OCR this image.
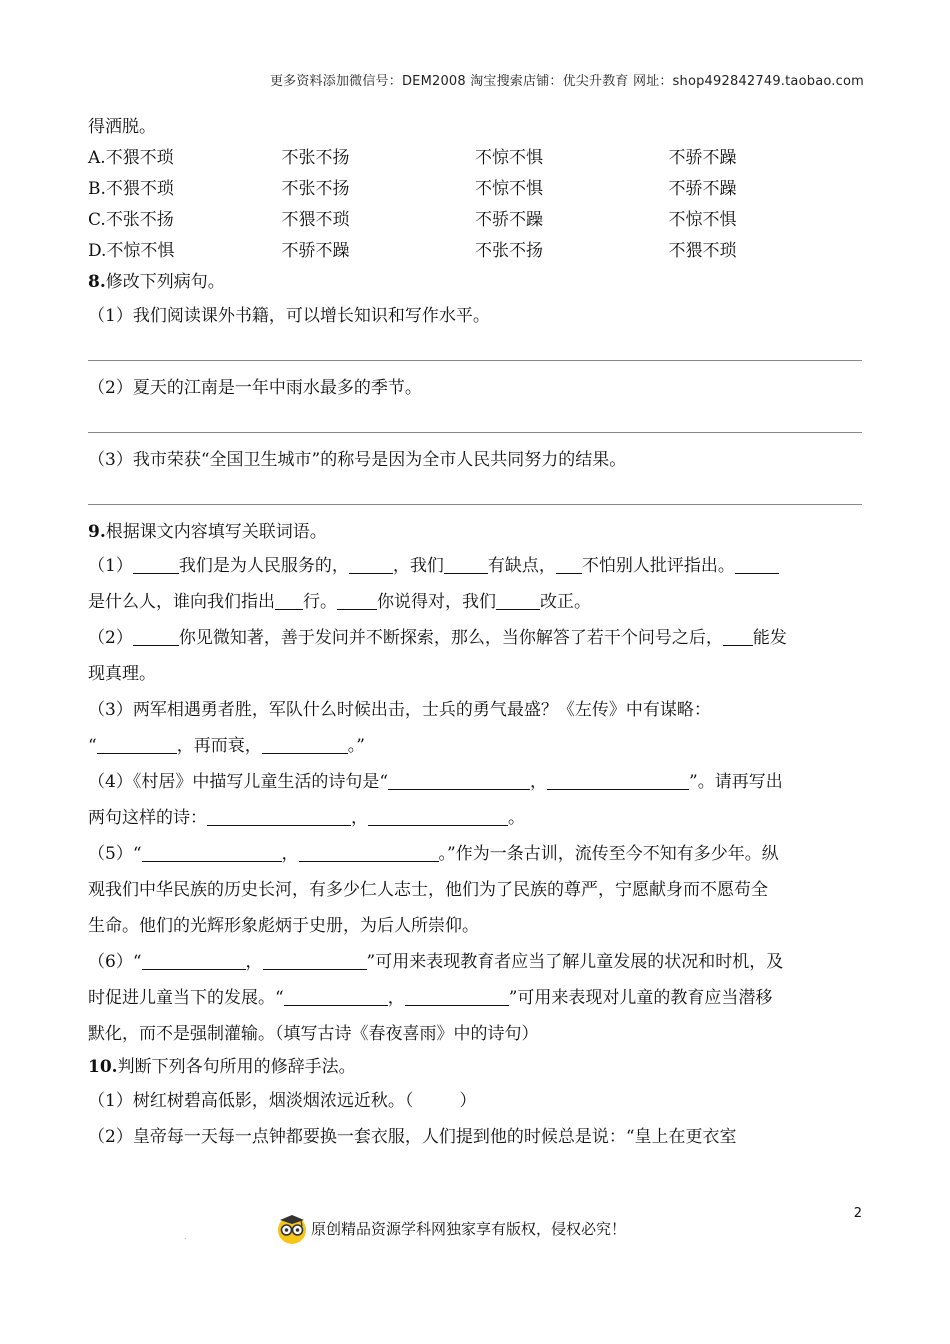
更多资料添加微信号：DEM2008 淘宝搜索店铺：优尖升教育 网址：shop492842749.taobao.com
得洒脱。
A.不猥不琐	不张不扬	不惊不惧	不骄不躁
B.不猥不琐	不张不扬	不惊不惧	不骄不躁
C.不张不扬	不猥不琐	不骄不躁	不惊不惧
D.不惊不惧	不骄不躁	不张不扬	不猥不琐
8.修改下列病句。
（1）我们阅读课外书籍，可以增长知识和写作水平。
（2）夏天的江南是一年中雨水最多的季节。
（3）我市荣获“全国卫生城市”的称号是因为全市人民共同努力的结果。
9.根据课文内容填写关联词语。
（1）	我们是为人民服务的，	，我们	有缺点， 不怕别人批评指出。
是什么人，谁向我们指出 行。 你说得对，我们	改正。
（2）	你见微知著，善于发问并不断探索，那么，当你解答了若干个问号之后， 能发
现真理。
（3）两军相遇勇者胜，军队什么时候出击，士兵的勇气最盛？《左传》中有谋略：
“	，再而衰，	。”
（4）《村居》中描写儿童生活的诗句是“	，	”。请再写出
两句这样的诗：	，	。
（5）“	，	。”作为一条古训，流传至今不知有多少年。纵
观我们中华民族的历史长河，有多少仁人志士，他们为了民族的尊严，宁愿献身而不愿苟全
生命。他们的光辉形象彪炳于史册，为后人所崇仰。
（6）“	，	”可用来表现教育者应当了解儿童发展的状况和时机，及
时促进儿童当下的发展。“	，	”可用来表现对儿童的教育应当潜移
默化，而不是强制灌输。（填写古诗《春夜喜雨》中的诗句）
10.判断下列各句所用的修辞手法。
（1）树红树碧高低影，烟淡烟浓远近秋。（	）
（2）皇帝每一天每一点钟都要换一套衣服，人们提到他的时候总是说：“皇上在更衣室
.	原创精品资源学科网独家享有版权，侵权必究！
2
